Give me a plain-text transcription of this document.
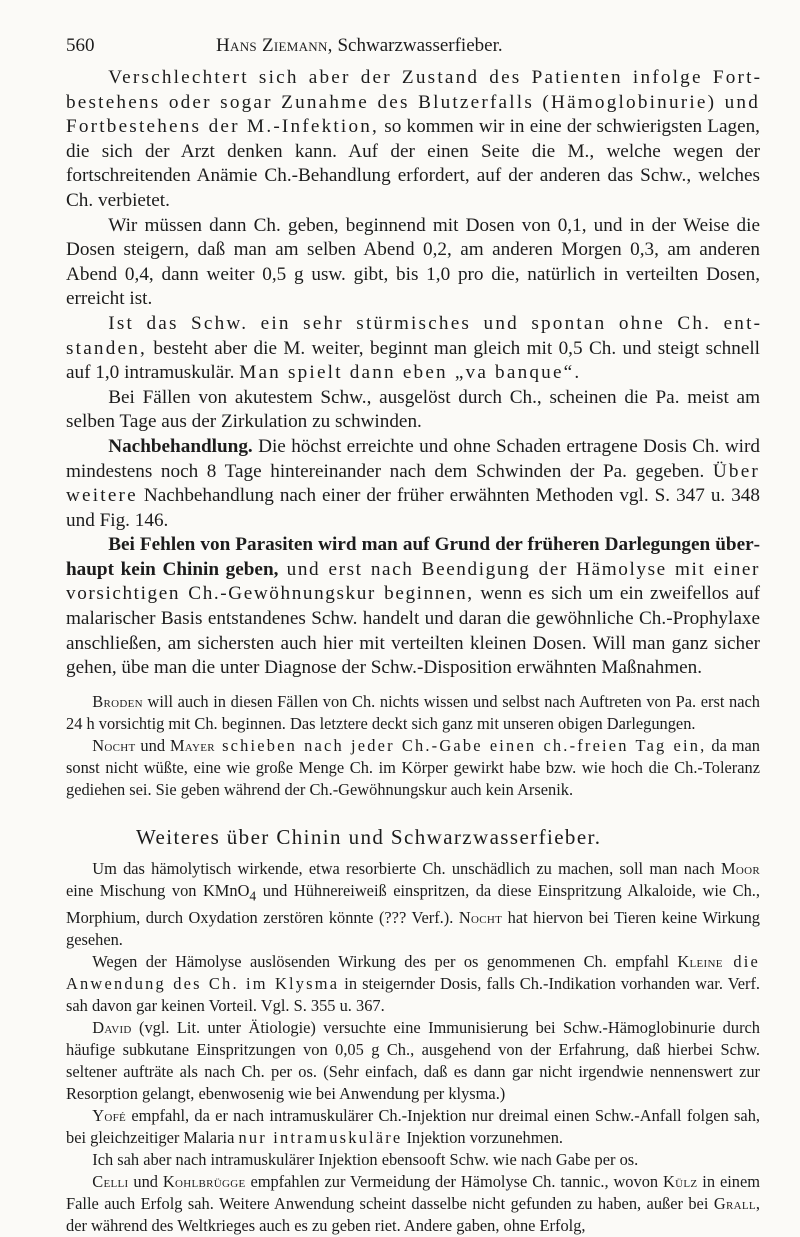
560	Hans Ziemann, Schwarzwasserfieber.

Verschlechtert sich aber der Zustand des Patienten infolge Fortbestehens oder sogar Zunahme des Blutzerfalls (Hämoglobinurie) und Fortbestehens der M.-Infektion, so kommen wir in eine der schwierigsten Lagen, die sich der Arzt denken kann. Auf der einen Seite die M., welche wegen der fortschreitenden Anämie Ch.-Behandlung erfordert, auf der anderen das Schw., welches Ch. verbietet.

Wir müssen dann Ch. geben, beginnend mit Dosen von 0,1, und in der Weise die Dosen steigern, daß man am selben Abend 0,2, am anderen Morgen 0,3, am anderen Abend 0,4, dann weiter 0,5 g usw. gibt, bis 1,0 pro die, natürlich in verteilten Dosen, erreicht ist.

Ist das Schw. ein sehr stürmisches und spontan ohne Ch. entstanden, besteht aber die M. weiter, beginnt man gleich mit 0,5 Ch. und steigt schnell auf 1,0 intramuskulär. Man spielt dann eben „va banque“.

Bei Fällen von akutestem Schw., ausgelöst durch Ch., scheinen die Pa. meist am selben Tage aus der Zirkulation zu schwinden.

Nachbehandlung. Die höchst erreichte und ohne Schaden ertragene Dosis Ch. wird mindestens noch 8 Tage hintereinander nach dem Schwinden der Pa. gegeben. Über weitere Nachbehandlung nach einer der früher erwähnten Methoden vgl. S. 347 u. 348 und Fig. 146.

Bei Fehlen von Parasiten wird man auf Grund der früheren Darlegungen überhaupt kein Chinin geben, und erst nach Beendigung der Hämolyse mit einer vorsichtigen Ch.-Gewöhnungskur beginnen, wenn es sich um ein zweifellos auf malarischer Basis entstandenes Schw. handelt und daran die gewöhnliche Ch.-Prophylaxe anschließen, am sichersten auch hier mit verteilten kleinen Dosen. Will man ganz sicher gehen, übe man die unter Diagnose der Schw.-Disposition erwähnten Maßnahmen.

Broden will auch in diesen Fällen von Ch. nichts wissen und selbst nach Auftreten von Pa. erst nach 24 h vorsichtig mit Ch. beginnen. Das letztere deckt sich ganz mit unseren obigen Darlegungen.

Nocht und Mayer schieben nach jeder Ch.-Gabe einen ch.-freien Tag ein, da man sonst nicht wüßte, eine wie große Menge Ch. im Körper gewirkt habe bzw. wie hoch die Ch.-Toleranz gediehen sei. Sie geben während der Ch.-Gewöhnungskur auch kein Arsenik.

Weiteres über Chinin und Schwarzwasserfieber.

Um das hämolytisch wirkende, etwa resorbierte Ch. unschädlich zu machen, soll man nach Moor eine Mischung von KMnO$_4$ und Hühnereiweiß einspritzen, da diese Einspritzung Alkaloide, wie Ch., Morphium, durch Oxydation zerstören könnte (??? Verf.). Nocht hat hiervon bei Tieren keine Wirkung gesehen.

Wegen der Hämolyse auslösenden Wirkung des per os genommenen Ch. empfahl Kleine die Anwendung des Ch. im Klysma in steigernder Dosis, falls Ch.-Indikation vorhanden war. Verf. sah davon gar keinen Vorteil. Vgl. S. 355 u. 367.

David (vgl. Lit. unter Ätiologie) versuchte eine Immunisierung bei Schw.-Hämoglobinurie durch häufige subkutane Einspritzungen von 0,05 g Ch., ausgehend von der Erfahrung, daß hierbei Schw. seltener aufträte als nach Ch. per os. (Sehr einfach, daß es dann gar nicht irgendwie nennenswert zur Resorption gelangt, ebenwosenig wie bei Anwendung per klysma.)

Yofé empfahl, da er nach intramuskulärer Ch.-Injektion nur dreimal einen Schw.-Anfall folgen sah, bei gleichzeitiger Malaria nur intramuskuläre Injektion vorzunehmen.

Ich sah aber nach intramuskulärer Injektion ebensooft Schw. wie nach Gabe per os.

Celli und Kohlbrügge empfahlen zur Vermeidung der Hämolyse Ch. tannic., wovon Külz in einem Falle auch Erfolg sah. Weitere Anwendung scheint dasselbe nicht gefunden zu haben, außer bei Grall, der während des Weltkrieges auch es zu geben riet. Andere gaben, ohne Erfolg,
